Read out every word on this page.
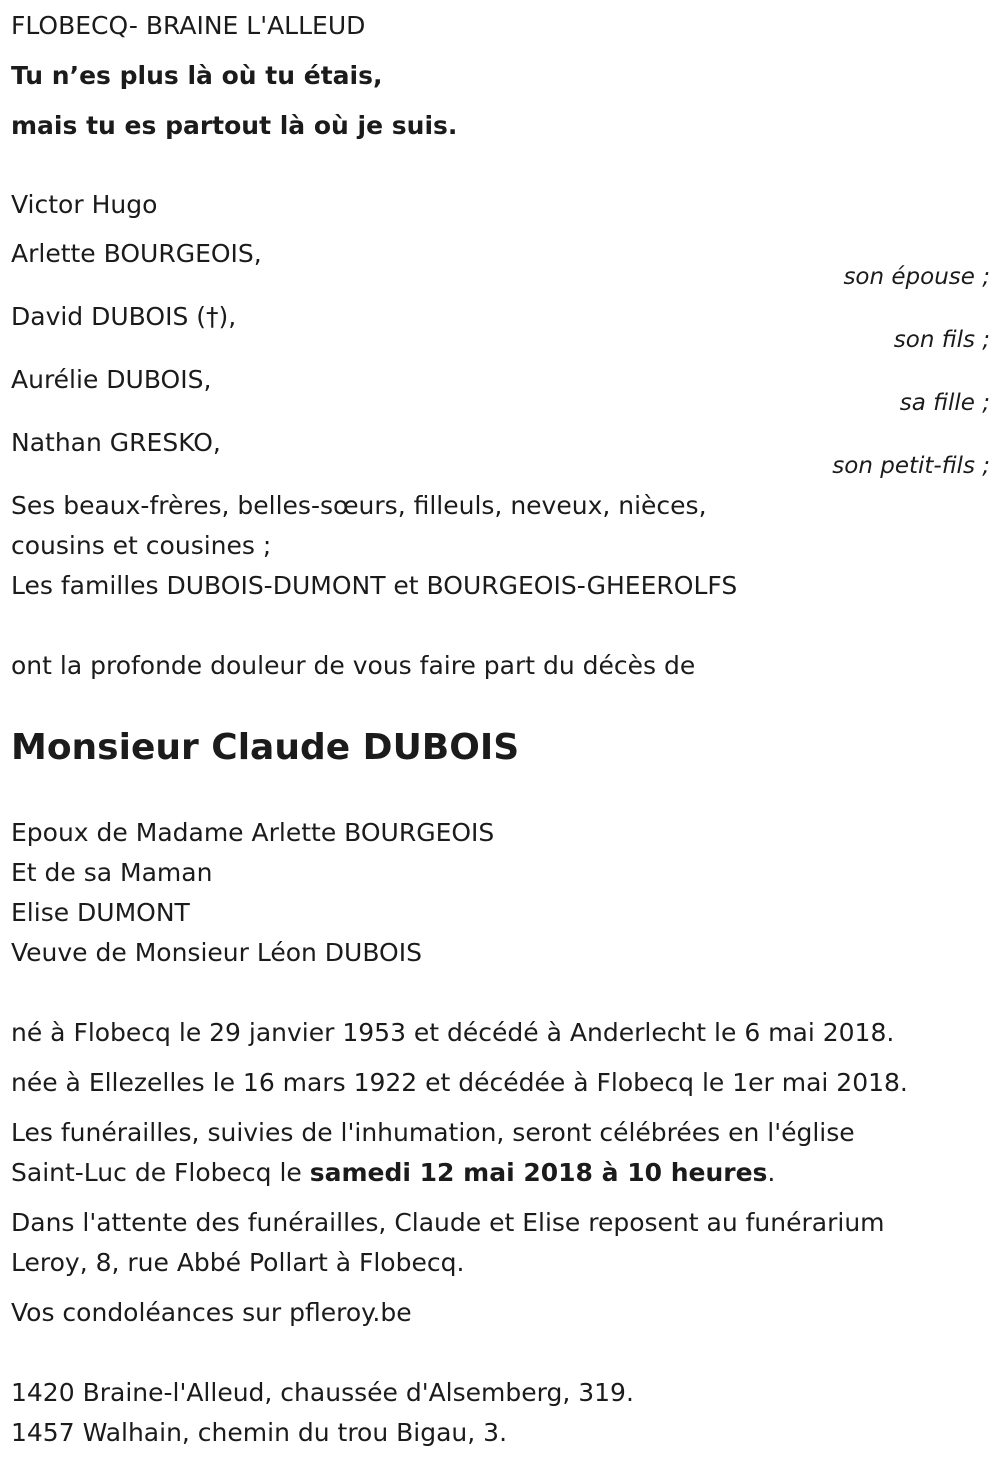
FLOBECQ- BRAINE L'ALLEUD
Tu n’es plus là où tu étais,
mais tu es partout là où je suis.
Victor Hugo
Arlette BOURGEOIS,
son épouse ;
David DUBOIS (†),
son fils ;
Aurélie DUBOIS,
sa fille ;
Nathan GRESKO,
son petit-fils ;
Ses beaux-frères, belles-sœurs, filleuls, neveux, nièces,
cousins et cousines ;
Les familles DUBOIS-DUMONT et BOURGEOIS-GHEEROLFS
ont la profonde douleur de vous faire part du décès de
Monsieur Claude DUBOIS
Epoux de Madame Arlette BOURGEOIS
Et de sa Maman
Elise DUMONT
Veuve de Monsieur Léon DUBOIS
né à Flobecq le 29 janvier 1953 et décédé à Anderlecht le 6 mai 2018.
née à Ellezelles le 16 mars 1922 et décédée à Flobecq le 1er mai 2018.
Les funérailles, suivies de l'inhumation, seront célébrées en l'église
Saint-Luc de Flobecq le samedi 12 mai 2018 à 10 heures.
Dans l'attente des funérailles, Claude et Elise reposent au funérarium
Leroy, 8, rue Abbé Pollart à Flobecq.
Vos condoléances sur pfleroy.be
1420 Braine-l'Alleud, chaussée d'Alsemberg, 319.
1457 Walhain, chemin du trou Bigau, 3.
